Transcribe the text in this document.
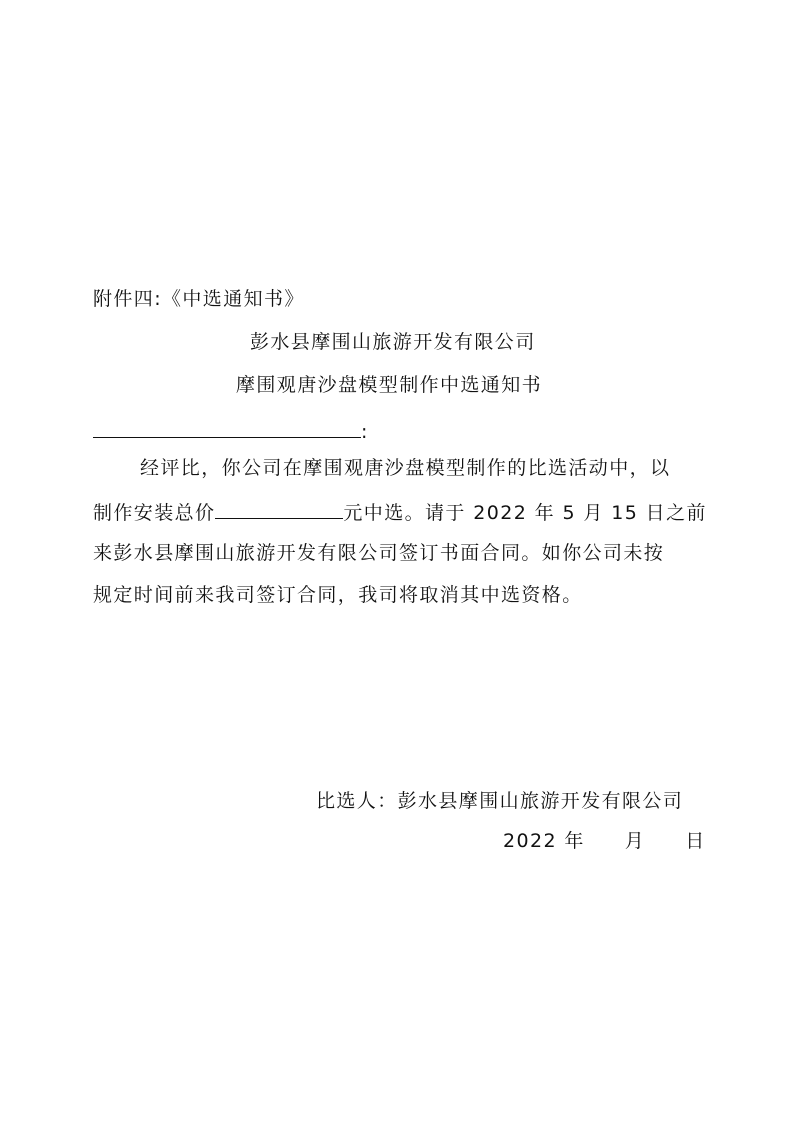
附件四:《中选通知书》
彭水县摩围山旅游开发有限公司
摩围观唐沙盘模型制作中选通知书
:
经评比，你公司在摩围观唐沙盘模型制作的比选活动中，以
制作安装总价	元中选。请于 2022 年 5 月 15 日之前
来彭水县摩围山旅游开发有限公司签订书面合同。如你公司未按
规定时间前来我司签订合同，我司将取消其中选资格。
比选人：彭水县摩围山旅游开发有限公司
2022 年 月 日
